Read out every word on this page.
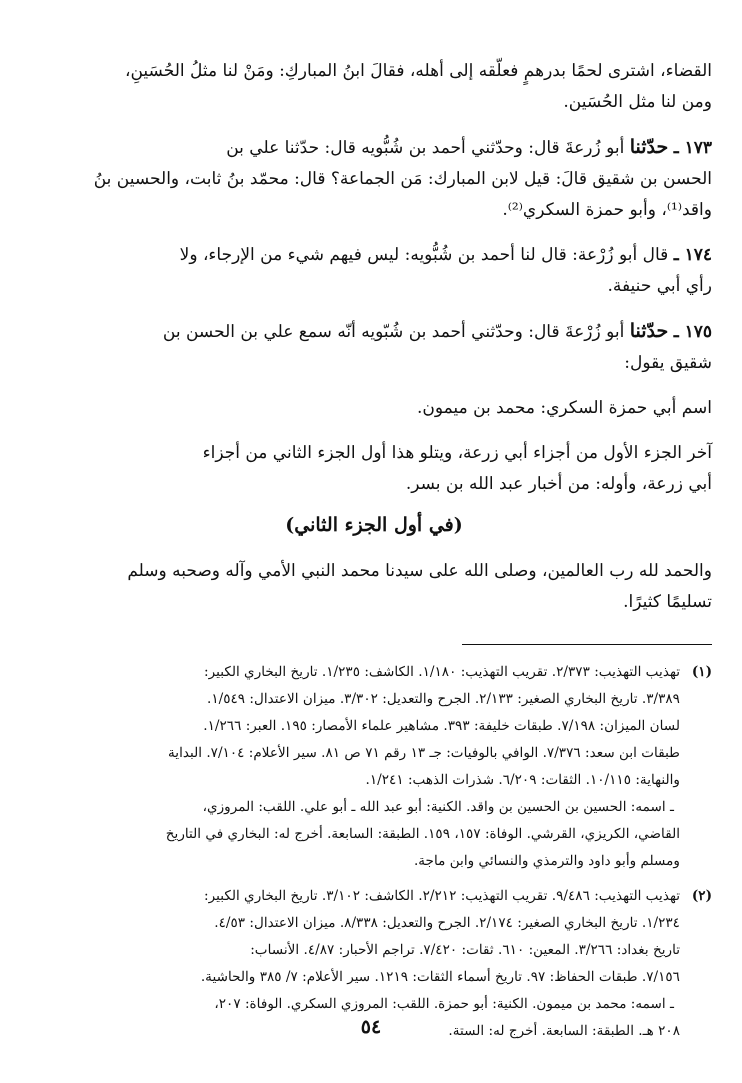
القضاء، اشترى لحمًا بدرهمٍ فعلّقه إلى أهله، فقالَ ابنُ المباركِ: ومَنْ لنا مثلُ الحُسَينِ،

ومن لنا مثل الحُسَين.

١٧٣ ـ حدّثنا أبو زُرعةَ قال: وحدّثني أحمد بن شُبُّويه قال: حدّثنا علي بن

الحسن بن شقيق قالَ: قيل لابن المبارك: مَن الجماعة؟ قال: محمّد بنُ ثابت، والحسين بنُ

واقد⁽¹⁾، وأبو حمزة السكري⁽²⁾.

١٧٤ ـ قال أبو زُرْعة: قال لنا أحمد بن شُبُّويه: ليس فيهم شيء من الإرجاء، ولا

رأي أبي حنيفة.

١٧٥ ـ حدّثنا أبو زُرْعةَ قال: وحدّثني أحمد بن شُبّويه أنّه سمع علي بن الحسن بن

شقيق يقول:

اسم أبي حمزة السكري: محمد بن ميمون.

آخر الجزء الأول من أجزاء أبي زرعة، ويتلو هذا أول الجزء الثاني من أجزاء

أبي زرعة، وأوله: من أخبار عبد الله بن بسر.

(في أول الجزء الثاني)

والحمد لله رب العالمين، وصلى الله على سيدنا محمد النبي الأمي وآله وصحبه وسلم

تسليمًا كثيرًا.

(١)

تهذيب التهذيب: ٢/٣٧٣. تقريب التهذيب: ١/١٨٠. الكاشف: ١/٢٣٥. تاريخ البخاري الكبير:

٣/٣٨٩. تاريخ البخاري الصغير: ٢/١٣٣. الجرح والتعديل: ٣/٣٠٢. ميزان الاعتدال: ١/٥٤٩.

لسان الميزان: ٧/١٩٨. طبقات خليفة: ٣٩٣. مشاهير علماء الأمصار: ١٩٥. العبر: ١/٢٦٦.

طبقات ابن سعد: ٧/٣٧٦. الوافي بالوفيات: جـ ١٣ رقم ٧١ ص ٨١. سير الأعلام: ٧/١٠٤. البداية

والنهاية: ١٠/١١٥. الثقات: ٦/٢٠٩. شذرات الذهب: ١/٢٤١.

ـ اسمه: الحسين بن الحسين بن واقد. الكنية: أبو عبد الله ـ أبو علي. اللقب: المروزي،

القاضي، الكريزي، القرشي. الوفاة: ١٥٧، ١٥٩. الطبقة: السابعة. أخرج له: البخاري في التاريخ

ومسلم وأبو داود والترمذي والنسائي وابن ماجة.

(٢)

تهذيب التهذيب: ٩/٤٨٦. تقريب التهذيب: ٢/٢١٢. الكاشف: ٣/١٠٢. تاريخ البخاري الكبير:

١/٢٣٤. تاريخ البخاري الصغير: ٢/١٧٤. الجرح والتعديل: ٨/٣٣٨. ميزان الاعتدال: ٤/٥٣.

تاريخ بغداد: ٣/٢٦٦. المعين: ٦١٠. ثقات: ٧/٤٢٠. تراجم الأحبار: ٤/٨٧. الأنساب:

٧/١٥٦. طبقات الحفاظ: ٩٧. تاريخ أسماء الثقات: ١٢١٩. سير الأعلام: ٧/ ٣٨٥ والحاشية.

ـ اسمه: محمد بن ميمون. الكنية: أبو حمزة. اللقب: المروزي السكري. الوفاة: ٢٠٧،

٢٠٨ هـ. الطبقة: السابعة. أخرج له: الستة.

٥٤
